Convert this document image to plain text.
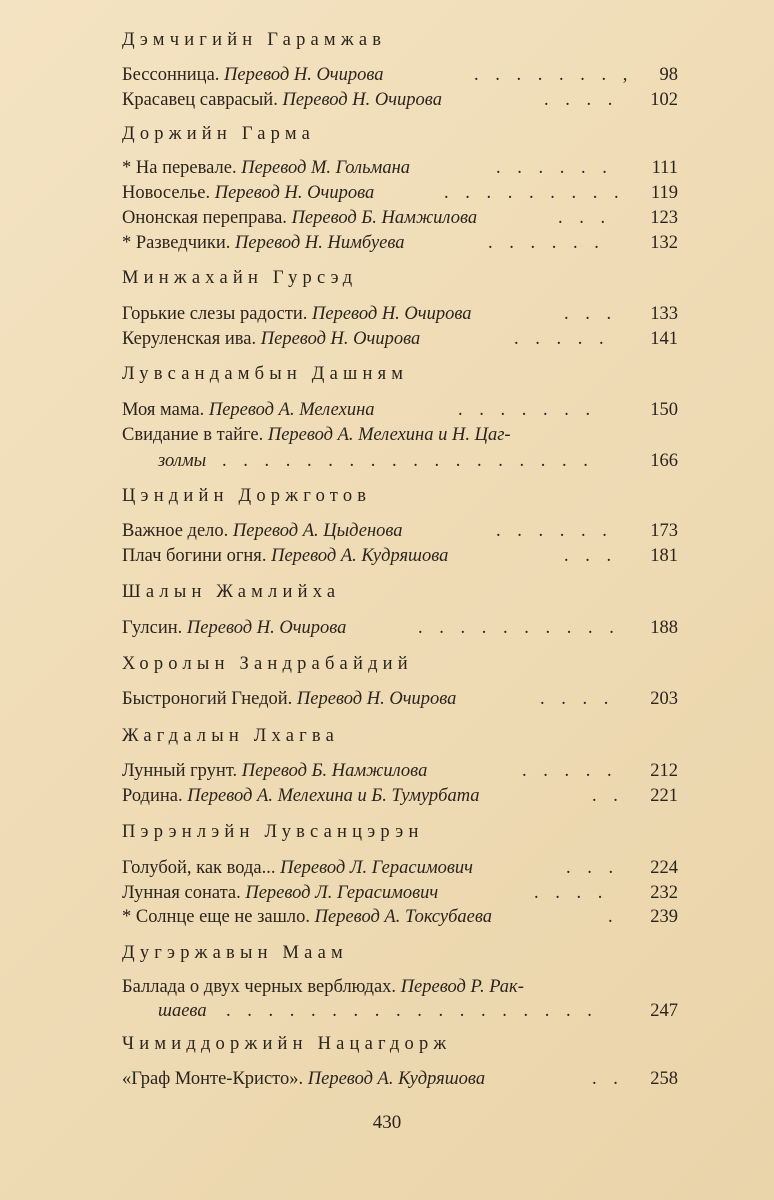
Дэмчигийн Гарамжав
Бессонница. Перевод Н. Очирова	. . . . . . . , 98
Красавец саврасый. Перевод Н. Очирова	. . . . 102
Доржийн Гарма
* На перевале. Перевод М. Гольмана	. . . . . . 111
Новоселье. Перевод Н. Очирова	. . . . . . . . . 119
Ононская переправа. Перевод Б. Намжилова	. . . 123
* Разведчики. Перевод Н. Нимбуева	. . . . . . 132
Минжахайн Гурсэд
Горькие слезы радости. Перевод Н. Очирова	. . . 133
Керуленская ива. Перевод Н. Очирова	. . . . . 141
Лувсандамбын Дашням
Моя мама. Перевод А. Мелехина	. . . . . . .	150
Свидание в тайге. Перевод А. Мелехина и Н. Цаг-
золмы . . . . . . . . . . . . . . . . . .	166
Цэндийн Доржготов
Важное дело. Перевод А. Цыденова	. . . . . . 173
Плач богини огня. Перевод А. Кудряшова	. . . 181
Шалын Жамлийха
Гулсин. Перевод Н. Очирова	. . . . . . . . . . 188
Хоролын Зандрабайдий
Быстроногий Гнедой. Перевод Н. Очирова	. . . . 203
Жагдалын Лхагва
Лунный грунт. Перевод Б. Намжилова	. . . . . 212
Родина. Перевод А. Мелехина и Б. Тумурбата	. . 221
Пэрэнлэйн Лувсанцэрэн
Голубой, как вода... Перевод Л. Герасимович	. . . 224
Лунная соната. Перевод Л. Герасимович	. . . . 232
* Солнце еще не зашло. Перевод А. Токсубаева	. 239
Дугэржавын Маам
Баллада о двух черных верблюдах. Перевод Р. Рак-
шаева . . . . . . . . . . . . . . . . . .	247
Чимиддоржийн Нацагдорж
«Граф Монте-Кристо». Перевод А. Кудряшова	. . 258
430
